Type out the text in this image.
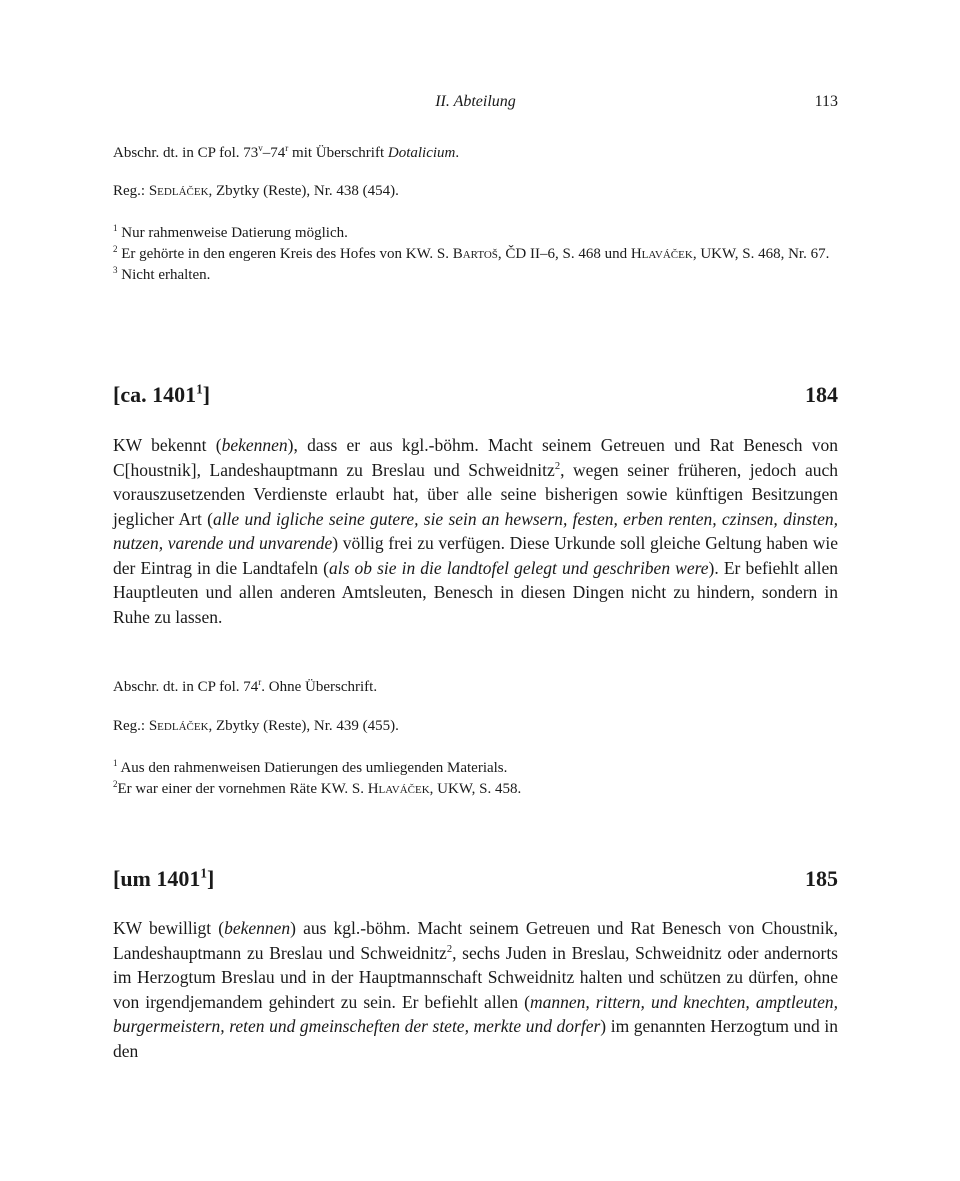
II. Abteilung	113

Abschr. dt. in CP fol. 73$^v$–74$^r$ mit Überschrift Dotalicium.

Reg.: Sedláček, Zbytky (Reste), Nr. 438 (454).

$^1$ Nur rahmenweise Datierung möglich.

$^2$ Er gehörte in den engeren Kreis des Hofes von KW. S. Bartoš, ČD II–6, S. 468 und Hlaváček, UKW, S. 468, Nr. 67.

$^3$ Nicht erhalten.

[ca. 1401$^1$]	184

KW bekennt (bekennen), dass er aus kgl.-böhm. Macht seinem Getreuen und Rat Benesch von C[houstnik], Landeshauptmann zu Breslau und Schweidnitz$^2$, wegen seiner früheren, jedoch auch vorauszusetzenden Verdienste erlaubt hat, über alle seine bisherigen sowie künftigen Besitzungen jeglicher Art (alle und igliche seine gutere, sie sein an hewsern, festen, erben renten, czinsen, dinsten, nutzen, varende und unvarende) völlig frei zu verfügen. Diese Urkunde soll gleiche Geltung haben wie der Eintrag in die Landtafeln (als ob sie in die landtofel gelegt und geschriben were). Er befiehlt allen Hauptleuten und allen anderen Amtsleuten, Benesch in diesen Dingen nicht zu hindern, sondern in Ruhe zu lassen.

Abschr. dt. in CP fol. 74$^r$. Ohne Überschrift.

Reg.: Sedláček, Zbytky (Reste), Nr. 439 (455).

$^1$ Aus den rahmenweisen Datierungen des umliegenden Materials.

$^2$Er war einer der vornehmen Räte KW. S. Hlaváček, UKW, S. 458.

[um 1401$^1$]	185

KW bewilligt (bekennen) aus kgl.-böhm. Macht seinem Getreuen und Rat Benesch von Choustnik, Landeshauptmann zu Breslau und Schweidnitz$^2$, sechs Juden in Breslau, Schweidnitz oder andernorts im Herzogtum Breslau und in der Hauptmannschaft Schweidnitz halten und schützen zu dürfen, ohne von irgendjemandem gehindert zu sein. Er befiehlt allen (mannen, rittern, und knechten, amptleuten, burgermeistern, reten und gmeinscheften der stete, merkte und dorfer) im genannten Herzogtum und in den
